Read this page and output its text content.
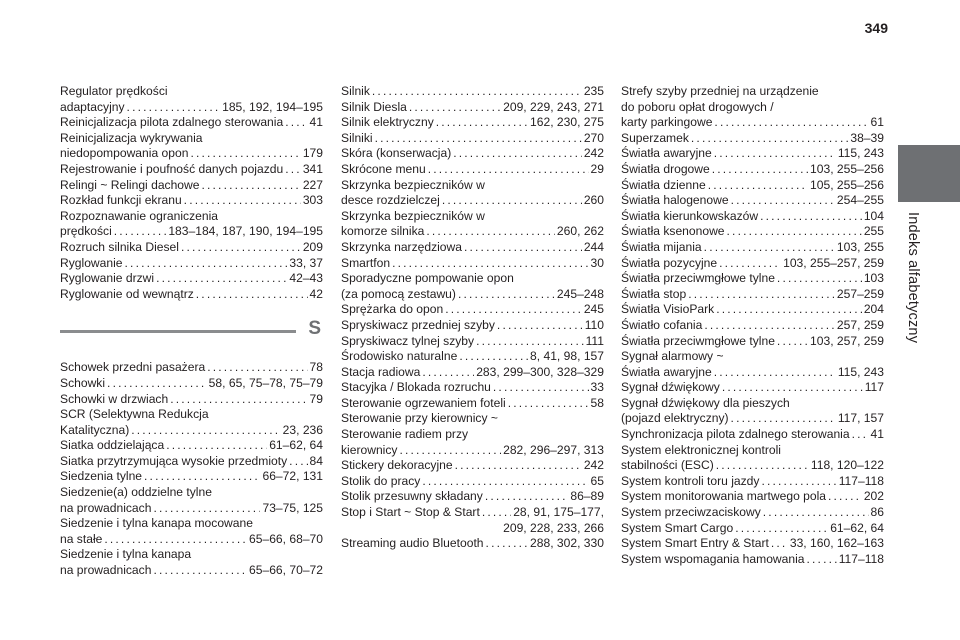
349
Indeks alfabetyczny
Regulator prędkości
adaptacyjny . . .	185, 192, 194–195
Reinicjalizacja pilota zdalnego sterowania . . . 41
Reinicjalizacja wykrywania
niedopompowania opon . . .	179
Rejestrowanie i poufność danych pojazdu . . . 341
Relingi ~ Relingi dachowe . . .	227
Rozkład funkcji ekranu . . .	303
Rozpoznawanie ograniczenia
prędkości . . .	183–184, 187, 190, 194–195
Rozruch silnika Diesel . . .	209
Ryglowanie . . .	33, 37
Ryglowanie drzwi . . .	42–43
Ryglowanie od wewnątrz . . .	42
S
Schowek przedni pasażera . . .	78
Schowki . . .	58, 65, 75–78, 75–79
Schowki w drzwiach . . .	79
SCR (Selektywna Redukcja
Katalityczna) . . .	23, 236
Siatka oddzielająca . . .	61–62, 64
Siatka przytrzymująca wysokie przedmioty . . . 84
Siedzenia tylne . . .	66–72, 131
Siedzenie(a) oddzielne tylne
na prowadnicach . . .	73–75, 125
Siedzenie i tylna kanapa mocowane
na stałe . . .	65–66, 68–70
Siedzenie i tylna kanapa
na prowadnicach . . .	65–66, 70–72
Silnik . . .	235
Silnik Diesla . . .	209, 229, 243, 271
Silnik elektryczny . . .	162, 230, 275
Silniki . . .	270
Skóra (konserwacja) . . .	242
Skrócone menu . . .	29
Skrzynka bezpieczników w
desce rozdzielczej . . .	260
Skrzynka bezpieczników w
komorze silnika . . .	260, 262
Skrzynka narzędziowa . . .	244
Smartfon . . .	30
Sporadyczne pompowanie opon
(za pomocą zestawu) . . .	245–248
Sprężarka do opon . . .	245
Spryskiwacz przedniej szyby . . .	110
Spryskiwacz tylnej szyby . . .	111
Środowisko naturalne . . .	8, 41, 98, 157
Stacja radiowa . . .	283, 299–300, 328–329
Stacyjka / Blokada rozruchu . . .	33
Sterowanie ogrzewaniem foteli . . .	58
Sterowanie przy kierownicy ~
Sterowanie radiem przy
kierownicy . . .	282, 296–297, 313
Stickery dekoracyjne . . .	242
Stolik do pracy . . .	65
Stolik przesuwny składany . . .	86–89
Stop i Start ~ Stop & Start . . .	28, 91, 175–177,
209, 228, 233, 266
Streaming audio Bluetooth . . .	288, 302, 330
Strefy szyby przedniej na urządzenie
do poboru opłat drogowych /
karty parkingowe . . .	61
Superzamek . . .	38–39
Światła awaryjne . . .	115, 243
Światła drogowe . . .	103, 255–256
Światła dzienne . . .	105, 255–256
Światła halogenowe . . .	254–255
Światła kierunkowskazów . . .	104
Światła ksenonowe . . .	255
Światła mijania . . .	103, 255
Światła pozycyjne . . .	103, 255–257, 259
Światła przeciwmgłowe tylne . . .	103
Światła stop . . .	257–259
Światła VisioPark . . .	204
Światło cofania . . .	257, 259
Światła przeciwmgłowe tylne . . .	103, 257, 259
Sygnał alarmowy ~
Światła awaryjne . . .	115, 243
Sygnał dźwiękowy . . .	117
Sygnał dźwiękowy dla pieszych
(pojazd elektryczny) . . .	117, 157
Synchronizacja pilota zdalnego sterowania . . . 41
System elektronicznej kontroli
stabilności (ESC) . . .	118, 120–122
System kontroli toru jazdy . . .	117–118
System monitorowania martwego pola . . .	202
System przeciwzaciskowy . . .	86
System Smart Cargo . . .	61–62, 64
System Smart Entry & Start . . . 33, 160, 162–163
System wspomagania hamowania . . .	117–118
